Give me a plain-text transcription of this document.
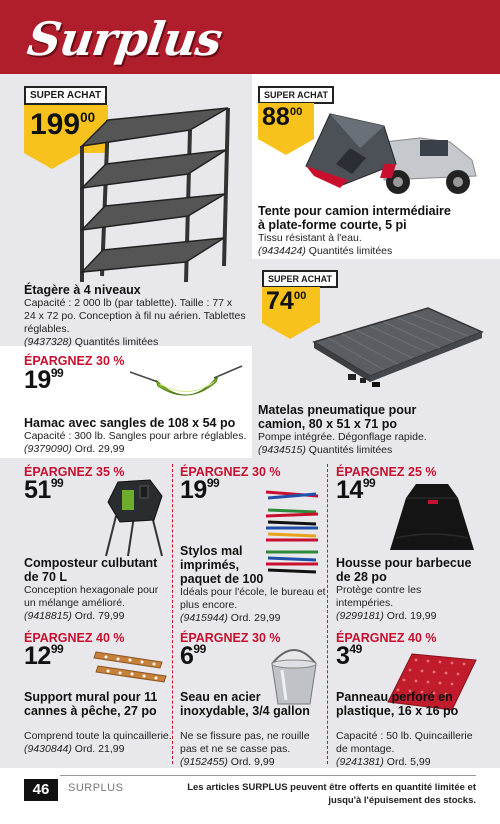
Surplus
SUPER ACHAT
$199^{00}$
Étagère à 4 niveaux
Capacité : 2 000 lb (par tablette). Taille : 77 x 24 x 72 po. Conception à fil nu aérien. Tablettes réglables.
(9437328) Quantités limitées
SUPER ACHAT
$88^{00}$
Tente pour camion intermédiaire à plate-forme courte, 5 pi
Tissu résistant à l'eau.
(9434424) Quantités limitées
SUPER ACHAT
$74^{00}$
Matelas pneumatique pour camion, 80 x 51 x 71 po
Pompe intégrée. Dégonflage rapide.
(9434515) Quantités limitées
ÉPARGNEZ 30 %
$19^{99}$
Hamac avec sangles de 108 x 54 po
Capacité : 300 lb. Sangles pour arbre réglables.
(9379090) Ord. 29,99
ÉPARGNEZ 35 %
$51^{99}$
Composteur culbutant de 70 L
Conception hexagonale pour un mélange amélioré.
(9418815) Ord. 79,99
ÉPARGNEZ 30 %
$19^{99}$
Stylos mal imprimés, paquet de 100
Idéals pour l'école, le bureau et plus encore.
(9415944) Ord. 29,99
ÉPARGNEZ 25 %
$14^{99}$
Housse pour barbecue de 28 po
Protège contre les intempéries.
(9299181) Ord. 19,99
ÉPARGNEZ 40 %
$12^{99}$
Support mural pour 11 cannes à pêche, 27 po
Comprend toute la quincaillerie.
(9430844) Ord. 21,99
ÉPARGNEZ 30 %
$6^{99}$
Seau en acier inoxydable, 3/4 gallon
Ne se fissure pas, ne rouille pas et ne se casse pas.
(9152455) Ord. 9,99
ÉPARGNEZ 40 %
$3^{49}$
Panneau perforé en plastique, 16 x 16 po
Capacité : 50 lb. Quincaillerie de montage.
(9241381) Ord. 5,99
46	SURPLUS	Les articles SURPLUS peuvent être offerts en quantité limitée et jusqu'à l'épuisement des stocks.
